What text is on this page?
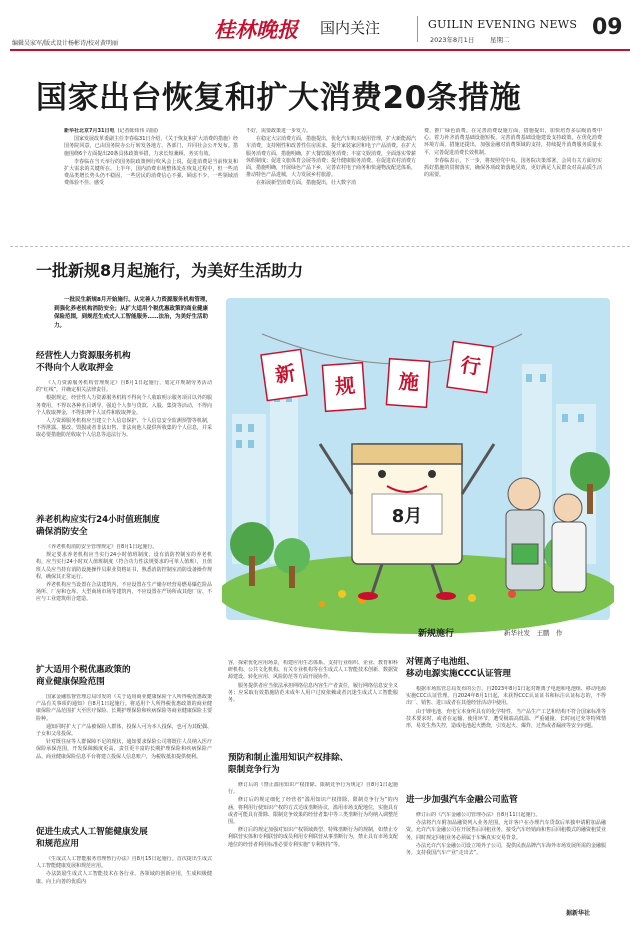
编辑吴家军/版式设计杨彬诗/校对黄明丽
桂林晚报 国内关注	GUILIN EVENING NEWS
2023年8月1日 星期二	09
国家出台恢复和扩大消费20条措施

新华社北京7月31日电 (记者陈炜伟 周圆)

国家发展改革委副主任李春临31日介绍，《关于恢复和扩大消费的措施》经国务院同意，已由国务院办公厅转发各地方、各部门，并同社会公开发布。措施围绕6个方面提出20条具体政策举措，力求长短兼顾、务实有效。

李春临在当天举行的国务院政策例行吹风会上说，促进消费是当前恢复和扩大需求的关键所在。上半年，国内消费市场整体处在恢复过程中，但一些消费品类增长势头仍不稳固，一些居民的消费信心不强、顾虑不少，一些领域消费体验不佳、感受

不好，需要政策进一步发力。

在稳定大宗消费方面，措施提出，优化汽车购买使用管理，扩大新能源汽车消费，支持刚性和改善性住房需求，提升家装家居和电子产品消费。在扩大服务消费方面，措施明确，扩大餐饮服务消费；丰富文娱消费，全面落实带薪休假制度；促进文旅体育会展等消费；提升健康服务消费。在促进农村消费方面，措施明确，开展绿色产品下乡，完善农村电子商务和快递物流配送体系，推动特色产品进城，大力发展乡村旅游。

在拓展新型消费方面，措施提出，壮大数字消

费，推广绿色消费。在完善消费设施方面，措施提出，加快培育多层级消费中心，着力补齐消费基础设施短板，完善消费基础设施建设支持政策。在优化消费环境方面，措施还提出，加强金融对消费领域的支持，持续提升消费服务质量水平，完善促进消费长效机制。

李春临表示，下一步，将按照党中央、国务院决策部署，会同有关方面切实抓好措施的贯彻落实，确保各项政策落地见效，更好满足人民群众对高品质生活的需要。

一批新规8月起施行，为美好生活助力
一批民生新规8月开始施行。从完善人力资源服务机构管理，到强化养老机构消防安全；从扩大适用个税优惠政策的商业健康保险范围，到规范生成式人工智能服务……法治，为美好生活助力。
经营性人力资源服务机构
不得向个人收取押金

《人力资源服务机构管理规定》自8月1日起施行，划定并规制劳务活动的“红线”，并确定相关法律责任。

根据规定，经营性人力资源服务机构不得向个人收取明示服务项目以外的服务费用，不得以各种名目诱导、强迫个人参与贷款、入股、集资等活动，不得向个人收取押金，不得扣押个人证件和收取押金。

人力资源服务机构应当建立个人信息保护、个人信息安全监测预警等机制，不得泄露、篡改、毁损或者非法出售、非法向他人提供所收集的个人信息，并采取必要措施防范收取个人信息等违法行为。

养老机构应实行24小时值班制度
确保消防安全

《养老机构消防安全管理规定》自8月1日起施行。

规定要求养老机构应当实行24小时值班制度，设有消防控制室的养老机构，应当实行24小时双人值班制度（符合功力性法规要求的可单人值班），且值班人员应当持有消防设施操作员职业资格证书，熟悉消防控制室消防设备操作规程，确保其正常运行。

养老机构应当设置在合法建筑内，不应设置在生产储存经营易燃易爆危险品场所、厂房和仓库、大型商场市场等建筑内，不应设置在严场所或其他厂房、不应与工业建筑组合建造。

扩大适用个税优惠政策的
商业健康保险范围

国家金融监督管理总局印发的《关于适用商业健康保险个人所得税优惠政策产品有关事项的通知》自8月1日起施行。将适用个人所得税优惠政策的商业健康保险产品范围扩大至医疗保险、长期护理保险和疾病保险等商业健康保险主要险种。

通知同时扩大了产品被保险人群体，投保人可为本人投保，也可为其配偶、子女和父母投保。

针对既往症等人群保障不足的现状，通知要求保险公司将既往人员纳入医疗保险承保范围，开发保障额度更高、责任更丰富的长期护理保险和疾病保险产品。商业健康保险信息平台将建立投保人信息账户，为税收抵扣提供便利。

促进生成式人工智能健康发展
和规范应用

《生成式人工智能服务管理暂行办法》自8月15日起施行。首次提出生成式人工智能健康发展和规范应用。

办法鼓励生成式人工智能技术在各行业、各领域的创新应用，生成积极健康、向上向善的优质内

新 规 施
行
8月
新规施行	新华社发　王鹏　作

容，探索优化应用场景，构建应用生态体系。支持行业组织、企业、教育和科研机构、公共文化机构、有关专业机构等在生成式人工智能技术创新、数据资源建设、转化应用、风险防范等方面开展协作。

服务提供者应当依法承担网络信息内容生产者责任，履行网络信息安全义务；应采取有效措施防范未成年人用户过度依赖或者沉迷生成式人工智能服务。

预防和制止滥用知识产权排除、
限制竞争行为

修订后的《禁止滥用知识产权排除、限制竞争行为规定》自8月1日起施行。

修订后的规定细化了经营者“滥用知识产权排除、限制竞争行为”的内涵，将利用行使知识产权的方式达成垄断协议，滥用市场支配地位，实施具有或者可能具有排除、限制竞争效果的经营者集中等三类垄断行为均纳入调整范围。

修订后的规定加强对知识产权领域典型、特殊垄断行为的规制，如禁止专利联营实体和专利联营的成员利用专利联营从事垄断行为，禁止具有市场支配地位的经营者利用标准必要专利实施“专利挟持”等。

对锂离子电池组、
移动电源实施CCC认证管理

根据市场监管总局发布的公告，自2023年8月1日起对锂离子电池和电池组、移动电源实施CCC认证管理。自2024年8月1日起，未获得CCC认证证书和标注认证标志的，不得出厂、销售、进口或者在其他经营活动中使用。

由于锂电池、充电宝本身所具有的化学特性，当产品生产工艺和结构不符合国家标准等技术要求时，或者在运输、使用环节，遭受极端高低温、严重碰撞、长时间过充等特殊情形，易发生热失控，造成电池起火燃烧，引发起火、爆炸，过热或者漏液等安全问题。

进一步加强汽车金融公司监管

修订后的《汽车金融公司管理办法》自8月11日起施行。

办法将汽车附加品融资列入业务范围，允许客户在办理汽车贷款后单独申请附加品融资。允许汽车金融公司在开展售后回租业务，接受汽车经销商和售后回租模式的融资租赁业务，同时规定回租业务必须属于车辆真实交易背景。

办法允许汽车金融公司设立境外子公司，提供民族品牌汽车海外市场发展所需的金融服务，支持我国汽车产业“走出去”。

据新华社
